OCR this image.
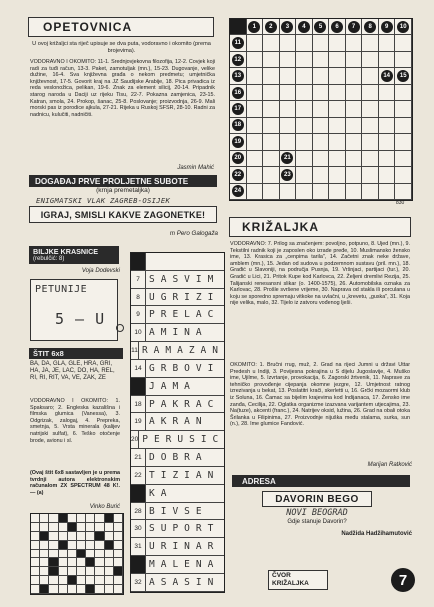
OPETOVNICA
U ovoj križaljci sta riječ upisuje se dva puta, vodoravno i okomito (prema brojevima).
VODORAVNO I OKOMITO: 11-1. Srednjovjekovna filozofija, 12-2. Čovjek koji radi za tuđi račun, 13-3. Paket, zamotuljak (mn.), 15-23. Dugovanje, velike dužine, 16-4. Sva književna građa o nekom predmetu; umjetnička književnost, 17-5. Govorit kraj na JZ Saudijske Arabije, 18. Pica privadica iz reda veslonožica, pelikan, 19-6. Znak za element silicij, 20-14. Pripadnik starog naroda u Daciji uz rijeku Tisu, 22-7. Pokazna zamjenica, 23-15. Katran, smola, 24. Prokop, šanac, 25-8. Poslovanje; proizvodnja, 26-9. Mali morski pas iz porodice ajkula, 27-21. Rijeka u Ruskoj SFSR, 28-10. Radni za nadnicu, kulučiti, nadničiti.
Jasmin Mahić
1	2	3	4	5	6	7	8	9	10
11
12
13	14	15
16
17
18
19
20	21
22	23
24
830
DOGAĐAJ PRVE PROLJETNE SUBOTE
(krnja premetaljka)
ENIGMATSKI VLAK ZAGREB-OSIJEK
IGRAJ, SMISLI KAKVE ZAGONETKE!
m Pero Galogaža KRIŽALJKA
VODORAVNO: 7. Prilog sa značenjem: povoljno, potpuno, 8. Ujed (mn.), 9. Tekstilni radnik koji je zaposlen oko izrade pređe, 10. Muslimansko žensko ime, 13. Krasica za „cenpima tarila", 14. Začetni znak neke države, amblem (mn.), 15. Jedan od sudova u podzemnom sustavu (pril. mn.), 18. Građić u Slavoniji, na područja Pusnja, 19. Vršnjaci, partijaci (tur.), 20. Gradić u Lici, 21. Pritok Kupe kod Karlovca, 22. Željeni dremlivi Rezija, 25. Talijanski renesansni slikar (o. 1400-1575), 26. Automobilska oznaka za Karlovac, 28. Prošle svršene vrijeme, 30. Naprava od staklа ili porculana u koju se sporedno spremaju vitkoke na uvlačni, u „krevetu, „guska", 31. Koja nije velika, malo, 32. Tijelo iz zatvoru vođenog lješi.
OKOMITO: 1. Bručni rrug, muž, 2. Grad na rijeci Jumni u državi Uttar Predesh u Indiji, 3. Povijesna pokrajina u S dijelu Jugoslavije, 4. Muško ime, Ujilme, 5. Izvrtanje, provokacija, 6. Zagorski žrtvenik, 11. Naprave za tehničko provođenje cijepanja okomne jezgre, 12. Umjetnost ratnog izrezivanja u bekat, 13. Poslatitri krači, skerletti u, 16. Grčki mozaormi klub iz Soluna, 16. Čamac sa bijelim krajevima kod Indijanaca, 17. Žensko ime zanđa, Cecilija, 22. Oglatka organizme izazvana varijantem utjecajima, 23. Na(tuze), akcenti (franc.), 24. Natrijev oksid, lužina, 26. Grad na obali otoka Šrilanka u Filipinima, 27. Proizvodnje nijuška među stalama, surka, sun (n.), 28. Ime glumice Fandović.
Marijan Ratković
BILJKE KRASNICE
(rebulčić: 8)
Voja Dodevski
PETUNIJE
5 — U
ŠTIT 6x8
BA, DA, GLA, GLE, HRA, GRI, HA, JA, JE, LAC, DO, HA, REL, RI, RI, RIT, VA, VE, ZAK, ZE
VODORAVNO I OKOMITO: 1. Spaksaro; 2. Engleska kazališna i filmska glumica (Vanessa), 3. Odgrizak, zalogaj, 4. Prepreka, smetnja, 5. Vrsta minerala (kalijev natrijski sulfat), 6. Teško otočenje brode, avionu i sl.
(Ovaj štit 6x8 sastavljen je u prema tvrdnji autora elektronskim računalom ZX SPECTRUM 48 K!. — (a)
Vinko Burić
7 SASVIM
8 UGRIZI
9 PRELAC
10 AMINA
11 RAMAZAN
14 GRBOVI
JAMA
18 PAKRAC
19 AKRAN
20 PERUSIC
21 DOBRA
22 TIZIAN
KA
28 BIVSE
30 SUPORT
31 URINAR
MALENA
32 ASASIN
ADRESA
DAVORIN BEGO
NOVI BEOGRAD
Gdje stanuje Davorin?
Nadžida Hadžihamutović
ČVOR
KRIŽALJKA	7
